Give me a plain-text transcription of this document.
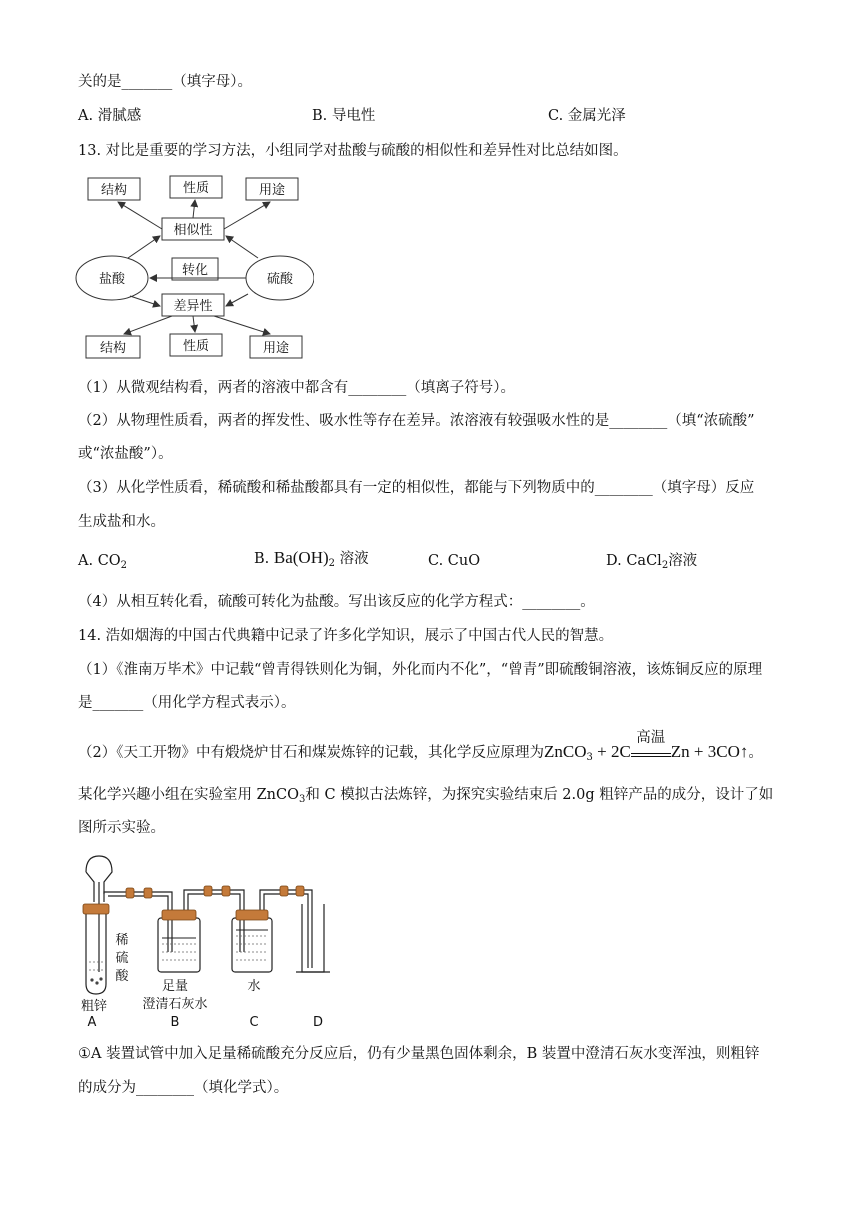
关的是_______（填字母）。
A. 滑腻感	B. 导电性	C. 金属光泽
13. 对比是重要的学习方法，小组同学对盐酸与硫酸的相似性和差异性对比总结如图。
结构	性质	用途
相似性
盐酸
转化
硫酸
差异性
结构	性质	用途
（1）从微观结构看，两者的溶液中都含有________（填离子符号）。
（2）从物理性质看，两者的挥发性、吸水性等存在差异。浓溶液有较强吸水性的是________（填“浓硫酸”
或“浓盐酸”）。
（3）从化学性质看，稀硫酸和稀盐酸都具有一定的相似性，都能与下列物质中的________（填字母）反应
生成盐和水。
A. $CO_2$	B. $Ba(OH)_2$ 溶液	C. CuO	D. CaCl$_2$溶液
（4）从相互转化看，硫酸可转化为盐酸。写出该反应的化学方程式：________。
14. 浩如烟海的中国古代典籍中记录了许多化学知识，展示了中国古代人民的智慧。
（1）《淮南万毕术》中记载“曾青得铁则化为铜，外化而内不化”，“曾青”即硫酸铜溶液，该炼铜反应的原理
是_______（用化学方程式表示）。
（2）《天工开物》中有煅烧炉甘石和煤炭炼锌的记载，其化学反应原理为ZnCO$_3$ + 2C
高温
Zn + 3CO↑。
某化学兴趣小组在实验室用 ZnCO$_3$和 C 模拟古法炼锌，为探究实验结束后 2.0g 粗锌产品的成分，设计了如
图所示实验。
稀
硫
酸
粗锌
足量
澄清石灰水
水
A	B	C	D
①A 装置试管中加入足量稀硫酸充分反应后，仍有少量黑色固体剩余，B 装置中澄清石灰水变浑浊，则粗锌
的成分为________（填化学式）。
